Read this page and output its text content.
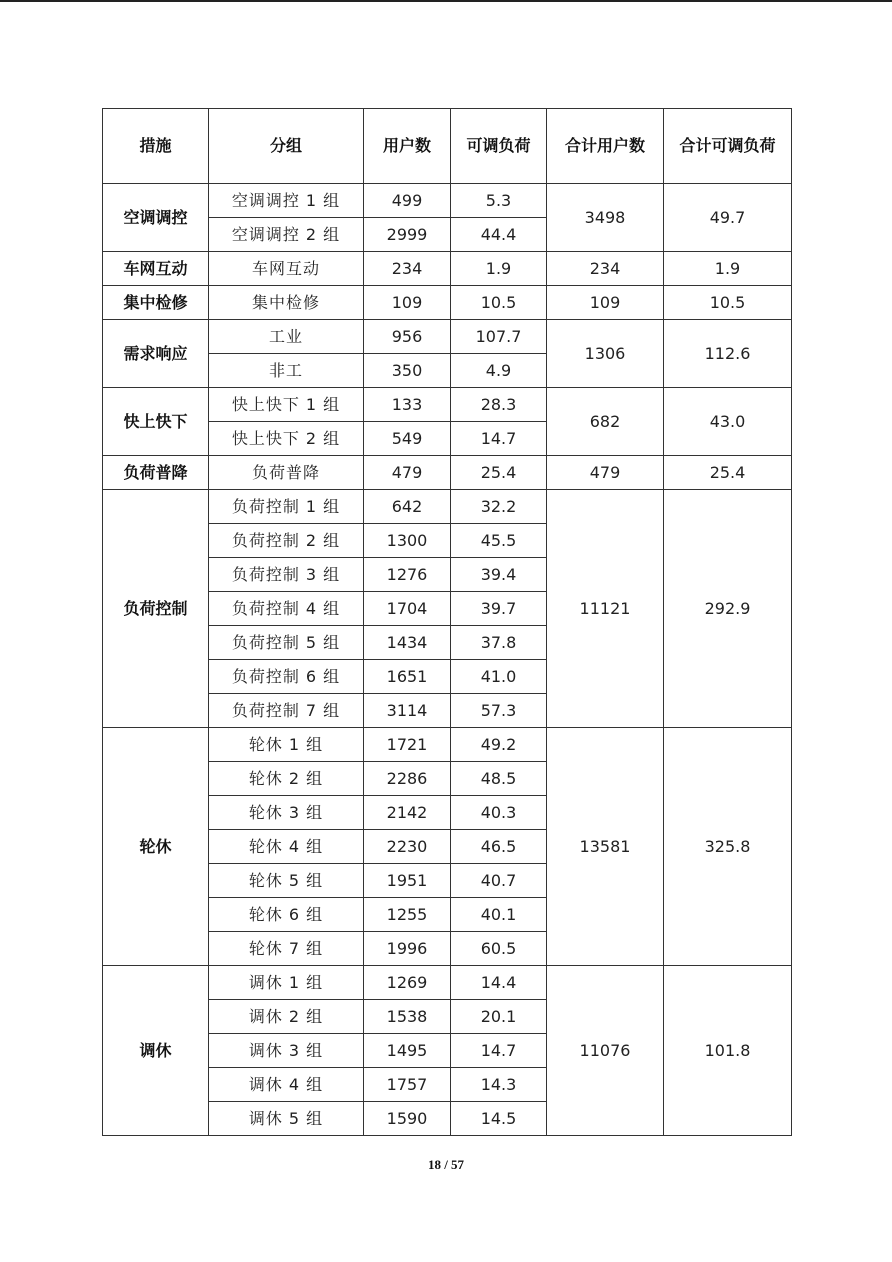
措施	分组	用户数	可调负荷	合计用户数	合计可调负荷
空调调控	空调调控 1 组	499	5.3	3498	49.7
	空调调控 2 组	2999	44.4		
车网互动	车网互动	234	1.9	234	1.9
集中检修	集中检修	109	10.5	109	10.5
需求响应	工业	956	107.7	1306	112.6
	非工	350	4.9		
快上快下	快上快下 1 组	133	28.3	682	43.0
	快上快下 2 组	549	14.7		
负荷普降	负荷普降	479	25.4	479	25.4
负荷控制	负荷控制 1 组	642	32.2	11121	292.9
	负荷控制 2 组	1300	45.5		
	负荷控制 3 组	1276	39.4		
	负荷控制 4 组	1704	39.7		
	负荷控制 5 组	1434	37.8		
	负荷控制 6 组	1651	41.0		
	负荷控制 7 组	3114	57.3		
轮休	轮休 1 组	1721	49.2	13581	325.8
	轮休 2 组	2286	48.5		
	轮休 3 组	2142	40.3		
	轮休 4 组	2230	46.5		
	轮休 5 组	1951	40.7		
	轮休 6 组	1255	40.1		
	轮休 7 组	1996	60.5		
调休	调休 1 组	1269	14.4	11076	101.8
	调休 2 组	1538	20.1		
	调休 3 组	1495	14.7		
	调休 4 组	1757	14.3		
	调休 5 组	1590	14.5		
18 / 57
